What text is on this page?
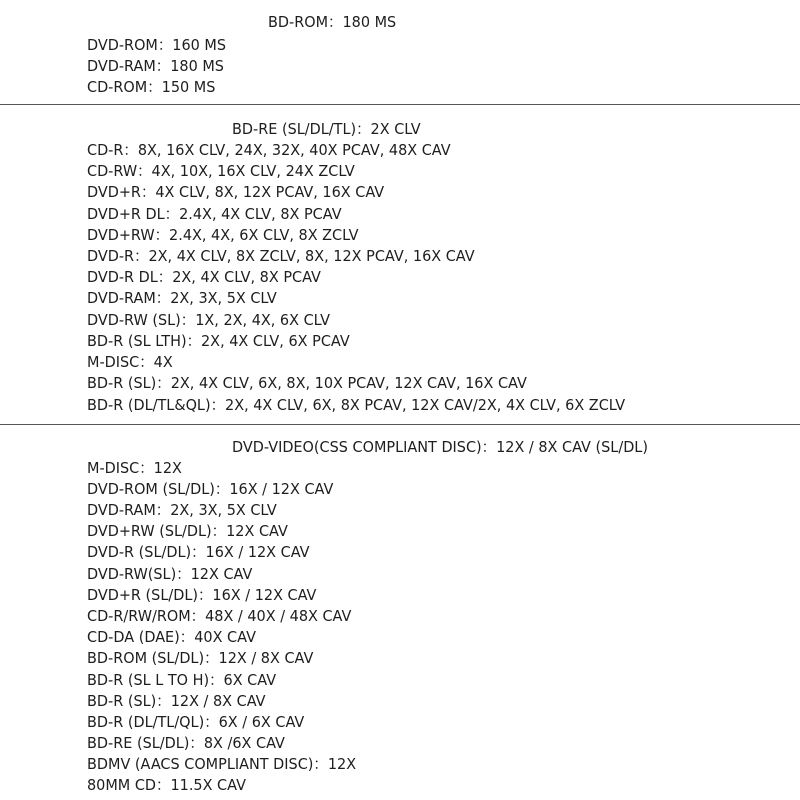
BD-ROM：180 MS
DVD-ROM：160 MS
DVD-RAM：180 MS
CD-ROM：150 MS
BD-RE (SL/DL/TL)：2X CLV
CD-R：8X, 16X CLV, 24X, 32X, 40X PCAV, 48X CAV
CD-RW：4X, 10X, 16X CLV, 24X ZCLV
DVD+R：4X CLV, 8X, 12X PCAV, 16X CAV
DVD+R DL：2.4X, 4X CLV, 8X PCAV
DVD+RW：2.4X, 4X, 6X CLV, 8X ZCLV
DVD-R：2X, 4X CLV, 8X ZCLV, 8X, 12X PCAV, 16X CAV
DVD-R DL：2X, 4X CLV, 8X PCAV
DVD-RAM：2X, 3X, 5X CLV
DVD-RW (SL)：1X, 2X, 4X, 6X CLV
BD-R (SL LTH)：2X, 4X CLV, 6X PCAV
M-DISC：4X
BD-R (SL)：2X, 4X CLV, 6X, 8X, 10X PCAV, 12X CAV, 16X CAV
BD-R (DL/TL&QL)：2X, 4X CLV, 6X, 8X PCAV, 12X CAV/2X, 4X CLV, 6X ZCLV
DVD-VIDEO(CSS COMPLIANT DISC)：12X / 8X CAV (SL/DL)
M-DISC：12X
DVD-ROM (SL/DL)：16X / 12X CAV
DVD-RAM：2X, 3X, 5X CLV
DVD+RW (SL/DL)：12X CAV
DVD-R (SL/DL)：16X / 12X CAV
DVD-RW(SL)：12X CAV
DVD+R (SL/DL)：16X / 12X CAV
CD-R/RW/ROM：48X / 40X / 48X CAV
CD-DA (DAE)：40X CAV
BD-ROM (SL/DL)：12X / 8X CAV
BD-R (SL L TO H)：6X CAV
BD-R (SL)：12X / 8X CAV
BD-R (DL/TL/QL)：6X / 6X CAV
BD-RE (SL/DL)：8X /6X CAV
BDMV (AACS COMPLIANT DISC)：12X
80MM CD：11.5X CAV
